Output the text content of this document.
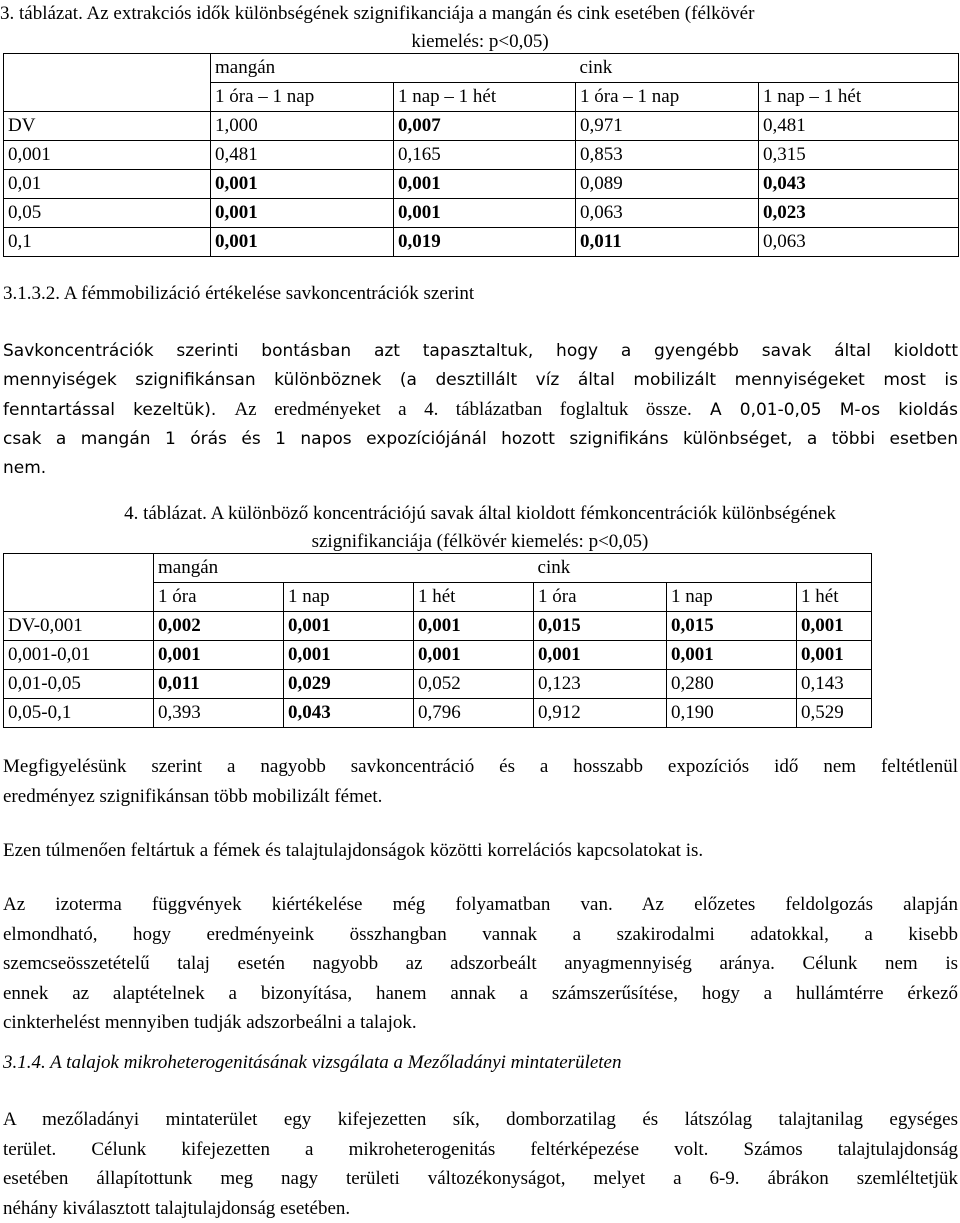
3. táblázat. Az extrakciós idők különbségének szignifikanciája a mangán és cink esetében (félkövér
kiemelés: p<0,05)
	mangán		cink	
	1 óra – 1 nap	1 nap – 1 hét	1 óra – 1 nap	1 nap – 1 hét
DV	1,000	0,007	0,971	0,481
0,001	0,481	0,165	0,853	0,315
0,01	0,001	0,001	0,089	0,043
0,05	0,001	0,001	0,063	0,023
0,1	0,001	0,019	0,011	0,063
3.1.3.2. A fémmobilizáció értékelése savkoncentrációk szerint
Savkoncentrációk szerinti bontásban azt tapasztaltuk, hogy a gyengébb savak által kioldott
mennyiségek szignifikánsan különböznek (a desztillált víz által mobilizált mennyiségeket most is
fenntartással kezeltük). Az eredményeket a 4. táblázatban foglaltuk össze. A 0,01-0,05 M-os kioldás
csak a mangán 1 órás és 1 napos expozíciójánál hozott szignifikáns különbséget, a többi esetben
nem.
4. táblázat. A különböző koncentrációjú savak által kioldott fémkoncentrációk különbségének
szignifikanciája (félkövér kiemelés: p<0,05)
	mangán			cink		
	1 óra	1 nap	1 hét	1 óra	1 nap	1 hét
DV-0,001	0,002	0,001	0,001	0,015	0,015	0,001
0,001-0,01	0,001	0,001	0,001	0,001	0,001	0,001
0,01-0,05	0,011	0,029	0,052	0,123	0,280	0,143
0,05-0,1	0,393	0,043	0,796	0,912	0,190	0,529
Megfigyelésünk szerint a nagyobb savkoncentráció és a hosszabb expozíciós idő nem feltétlenül
eredményez szignifikánsan több mobilizált fémet.
Ezen túlmenően feltártuk a fémek és talajtulajdonságok közötti korrelációs kapcsolatokat is.
Az izoterma függvények kiértékelése még folyamatban van. Az előzetes feldolgozás alapján
elmondható, hogy eredményeink összhangban vannak a szakirodalmi adatokkal, a kisebb
szemcseösszetételű talaj esetén nagyobb az adszorbeált anyagmennyiség aránya. Célunk nem is
ennek az alaptételnek a bizonyítása, hanem annak a számszerűsítése, hogy a hullámtérre érkező
cinkterhelést mennyiben tudják adszorbeálni a talajok.
3.1.4. A talajok mikroheterogenitásának vizsgálata a Mezőladányi mintaterületen
A mezőladányi mintaterület egy kifejezetten sík, domborzatilag és látszólag talajtanilag egységes
terület. Célunk kifejezetten a mikroheterogenitás feltérképezése volt. Számos talajtulajdonság
esetében állapítottunk meg nagy területi változékonyságot, melyet a 6-9. ábrákon szemléltetjük
néhány kiválasztott talajtulajdonság esetében.
